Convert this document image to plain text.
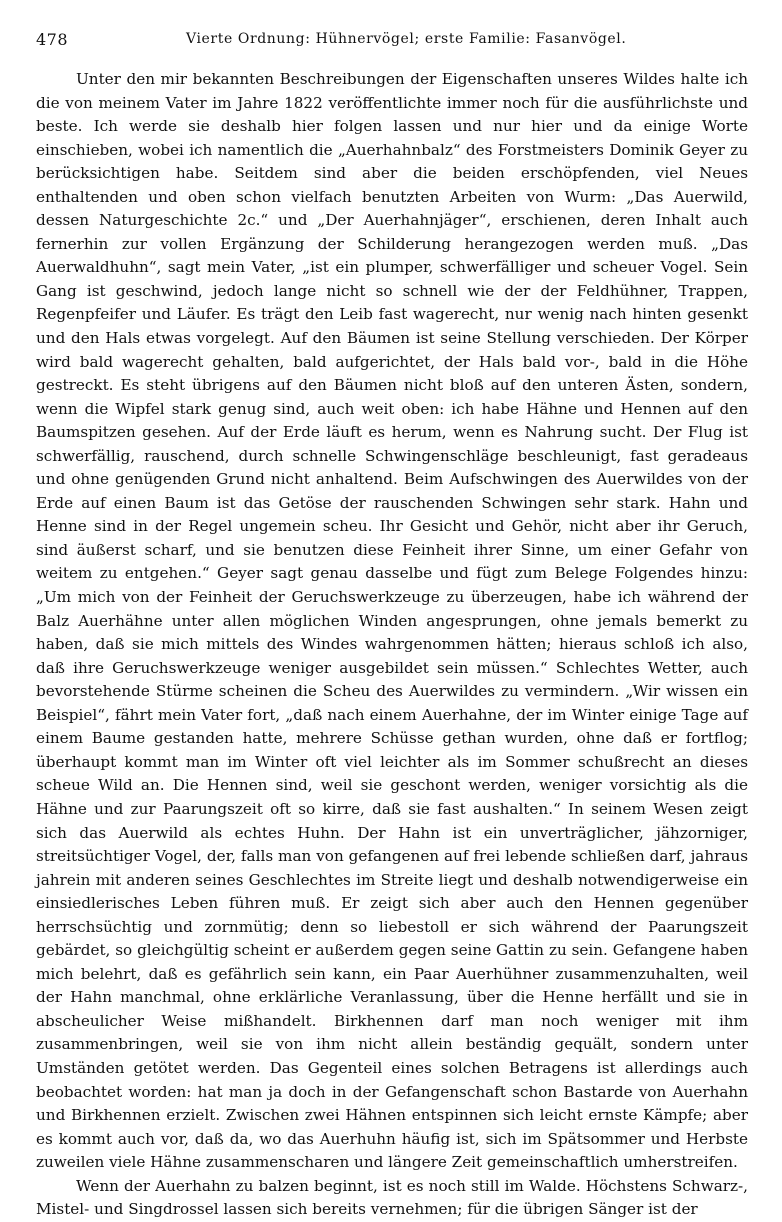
478	Vierte Ordnung: Hühnervögel; erste Familie: Fasanvögel.

Unter den mir bekannten Beschreibungen der Eigenschaften unseres Wildes halte ich die von meinem Vater im Jahre 1822 veröffentlichte immer noch für die ausführlichste und beste. Ich werde sie deshalb hier folgen lassen und nur hier und da einige Worte einschieben, wobei ich namentlich die „Auerhahnbalz“ des Forstmeisters Dominik Geyer zu berücksichtigen habe. Seitdem sind aber die beiden erschöpfenden, viel Neues enthaltenden und oben schon vielfach benutzten Arbeiten von Wurm: „Das Auerwild, dessen Naturgeschichte 2c.“ und „Der Auerhahnjäger“, erschienen, deren Inhalt auch fernerhin zur vollen Ergänzung der Schilderung herangezogen werden muß. „Das Auerwaldhuhn“, sagt mein Vater, „ist ein plumper, schwerfälliger und scheuer Vogel. Sein Gang ist geschwind, jedoch lange nicht so schnell wie der der Feldhühner, Trappen, Regenpfeifer und Läufer. Es trägt den Leib fast wagerecht, nur wenig nach hinten gesenkt und den Hals etwas vorgelegt. Auf den Bäumen ist seine Stellung verschieden. Der Körper wird bald wagerecht gehalten, bald aufgerichtet, der Hals bald vor-, bald in die Höhe gestreckt. Es steht übrigens auf den Bäumen nicht bloß auf den unteren Ästen, sondern, wenn die Wipfel stark genug sind, auch weit oben: ich habe Hähne und Hennen auf den Baumspitzen gesehen. Auf der Erde läuft es herum, wenn es Nahrung sucht. Der Flug ist schwerfällig, rauschend, durch schnelle Schwingenschläge beschleunigt, fast geradeaus und ohne genügenden Grund nicht anhaltend. Beim Aufschwingen des Auerwildes von der Erde auf einen Baum ist das Getöse der rauschenden Schwingen sehr stark. Hahn und Henne sind in der Regel ungemein scheu. Ihr Gesicht und Gehör, nicht aber ihr Geruch, sind äußerst scharf, und sie benutzen diese Feinheit ihrer Sinne, um einer Gefahr von weitem zu entgehen.“ Geyer sagt genau dasselbe und fügt zum Belege Folgendes hinzu: „Um mich von der Feinheit der Geruchswerkzeuge zu überzeugen, habe ich während der Balz Auerhähne unter allen möglichen Winden angesprungen, ohne jemals bemerkt zu haben, daß sie mich mittels des Windes wahrgenommen hätten; hieraus schloß ich also, daß ihre Geruchswerkzeuge weniger ausgebildet sein müssen.“ Schlechtes Wetter, auch bevorstehende Stürme scheinen die Scheu des Auerwildes zu vermindern. „Wir wissen ein Beispiel“, fährt mein Vater fort, „daß nach einem Auerhahne, der im Winter einige Tage auf einem Baume gestanden hatte, mehrere Schüsse gethan wurden, ohne daß er fortflog; überhaupt kommt man im Winter oft viel leichter als im Sommer schußrecht an dieses scheue Wild an. Die Hennen sind, weil sie geschont werden, weniger vorsichtig als die Hähne und zur Paarungszeit oft so kirre, daß sie fast aushalten.“ In seinem Wesen zeigt sich das Auerwild als echtes Huhn. Der Hahn ist ein unverträglicher, jähzorniger, streitsüchtiger Vogel, der, falls man von gefangenen auf frei lebende schließen darf, jahraus jahrein mit anderen seines Geschlechtes im Streite liegt und deshalb notwendigerweise ein einsiedlerisches Leben führen muß. Er zeigt sich aber auch den Hennen gegenüber herrschsüchtig und zornmütig; denn so liebestoll er sich während der Paarungszeit gebärdet, so gleichgültig scheint er außerdem gegen seine Gattin zu sein. Gefangene haben mich belehrt, daß es gefährlich sein kann, ein Paar Auerhühner zusammenzuhalten, weil der Hahn manchmal, ohne erklärliche Veranlassung, über die Henne herfällt und sie in abscheulicher Weise mißhandelt. Birkhennen darf man noch weniger mit ihm zusammenbringen, weil sie von ihm nicht allein beständig gequält, sondern unter Umständen getötet werden. Das Gegenteil eines solchen Betragens ist allerdings auch beobachtet worden: hat man ja doch in der Gefangenschaft schon Bastarde von Auerhahn und Birkhennen erzielt. Zwischen zwei Hähnen entspinnen sich leicht ernste Kämpfe; aber es kommt auch vor, daß da, wo das Auerhuhn häufig ist, sich im Spätsommer und Herbste zuweilen viele Hähne zusammenscharen und längere Zeit gemeinschaftlich umherstreifen.

Wenn der Auerhahn zu balzen beginnt, ist es noch still im Walde. Höchstens Schwarz-, Mistel- und Singdrossel lassen sich bereits vernehmen; für die übrigen Sänger ist der
